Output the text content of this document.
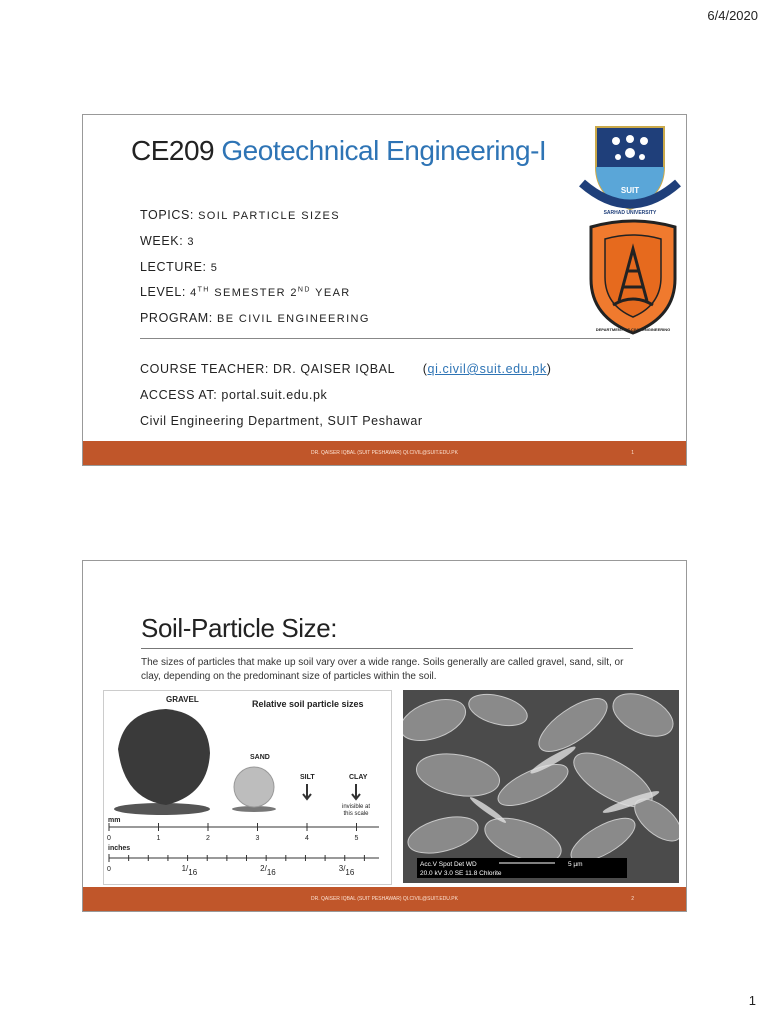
6/4/2020
CE209 Geotechnical Engineering-I
TOPICS: SOIL PARTICLE SIZES
WEEK: 3
LECTURE: 5
LEVEL: 4TH SEMESTER 2ND YEAR
PROGRAM: BE CIVIL ENGINEERING
COURSE TEACHER: DR. QAISER IQBAL (qi.civil@suit.edu.pk)
ACCESS AT: portal.suit.edu.pk
Civil Engineering Department, SUIT Peshawar
SUIT
SARHAD UNIVERSITY
DEPARTMENT OF CIVIL ENGINEERING
DR. QAISER IQBAL (SUIT PESHAWAR) QI.CIVIL@SUIT.EDU.PK	1
Soil-Particle Size:
The sizes of particles that make up soil vary over a wide range. Soils generally are called gravel, sand, silt, or clay, depending on the predominant size of particles within the soil.
GRAVEL	Relative soil particle sizes
SAND
SILT	CLAY
invisible at
this scale
mm
0	1	2	3	4	5
inches
0	1/16	2/16	3/16
Acc.V Spot Det WD	5 µm
20.0 kV 3.0 SE 11.8 Chlorite
DR. QAISER IQBAL (SUIT PESHAWAR) QI.CIVIL@SUIT.EDU.PK	2
1
